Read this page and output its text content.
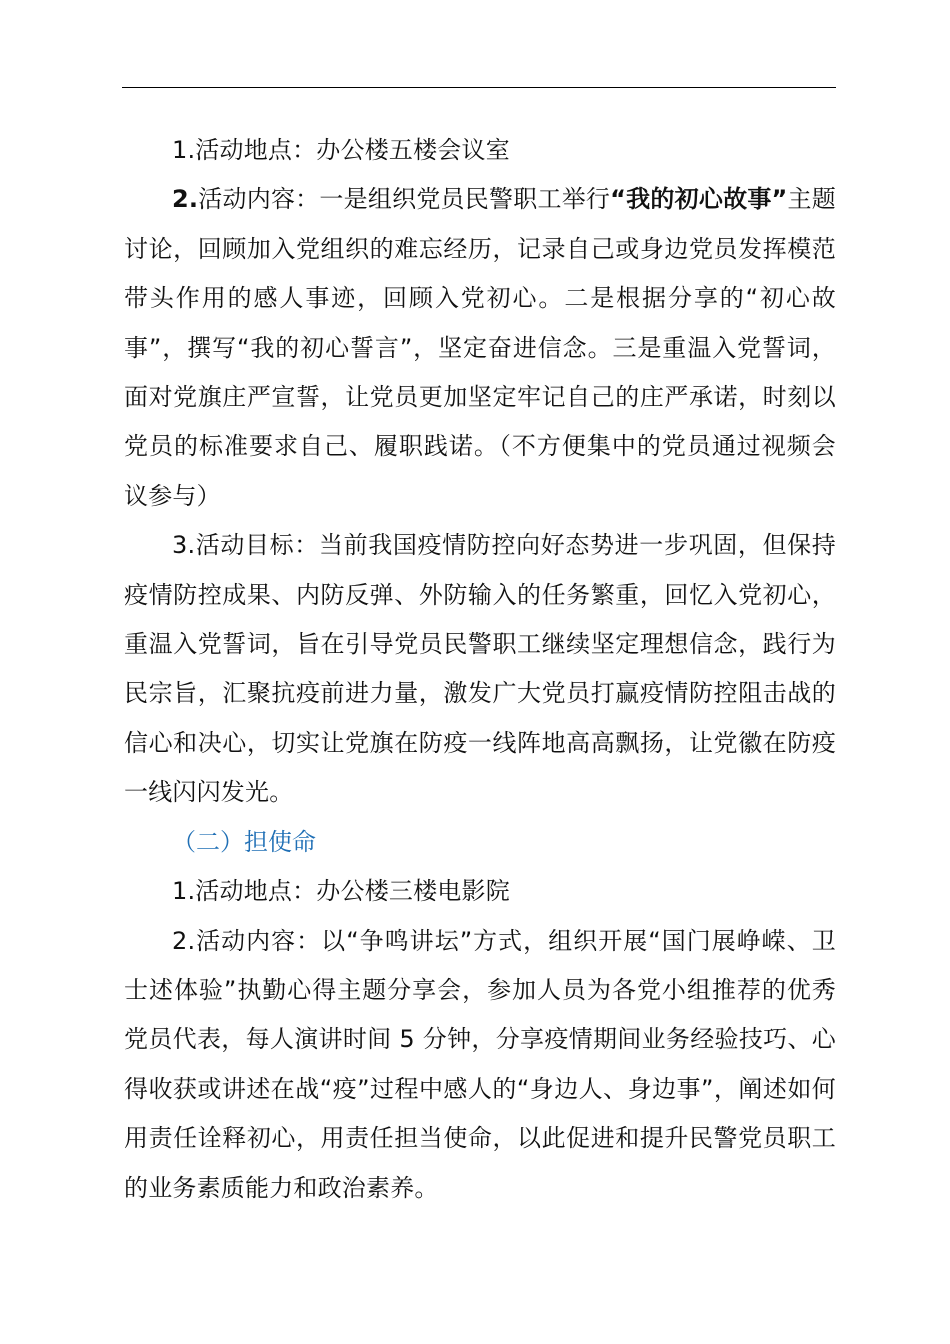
1.活动地点：办公楼五楼会议室

2.活动内容：一是组织党员民警职工举行“我的初心故事”主题讨论，回顾加入党组织的难忘经历，记录自己或身边党员发挥模范带头作用的感人事迹，回顾入党初心。二是根据分享的“初心故事”，撰写“我的初心誓言”，坚定奋进信念。三是重温入党誓词，面对党旗庄严宣誓，让党员更加坚定牢记自己的庄严承诺，时刻以党员的标准要求自己、履职践诺。（不方便集中的党员通过视频会议参与）

3.活动目标：当前我国疫情防控向好态势进一步巩固，但保持疫情防控成果、内防反弹、外防输入的任务繁重，回忆入党初心，重温入党誓词，旨在引导党员民警职工继续坚定理想信念，践行为民宗旨，汇聚抗疫前进力量，激发广大党员打赢疫情防控阻击战的信心和决心，切实让党旗在防疫一线阵地高高飘扬，让党徽在防疫一线闪闪发光。

（二）担使命

1.活动地点：办公楼三楼电影院

2.活动内容：以“争鸣讲坛”方式，组织开展“国门展峥嵘、卫士述体验”执勤心得主题分享会，参加人员为各党小组推荐的优秀党员代表，每人演讲时间 5 分钟，分享疫情期间业务经验技巧、心得收获或讲述在战“疫”过程中感人的“身边人、身边事”，阐述如何用责任诠释初心，用责任担当使命，以此促进和提升民警党员职工的业务素质能力和政治素养。
